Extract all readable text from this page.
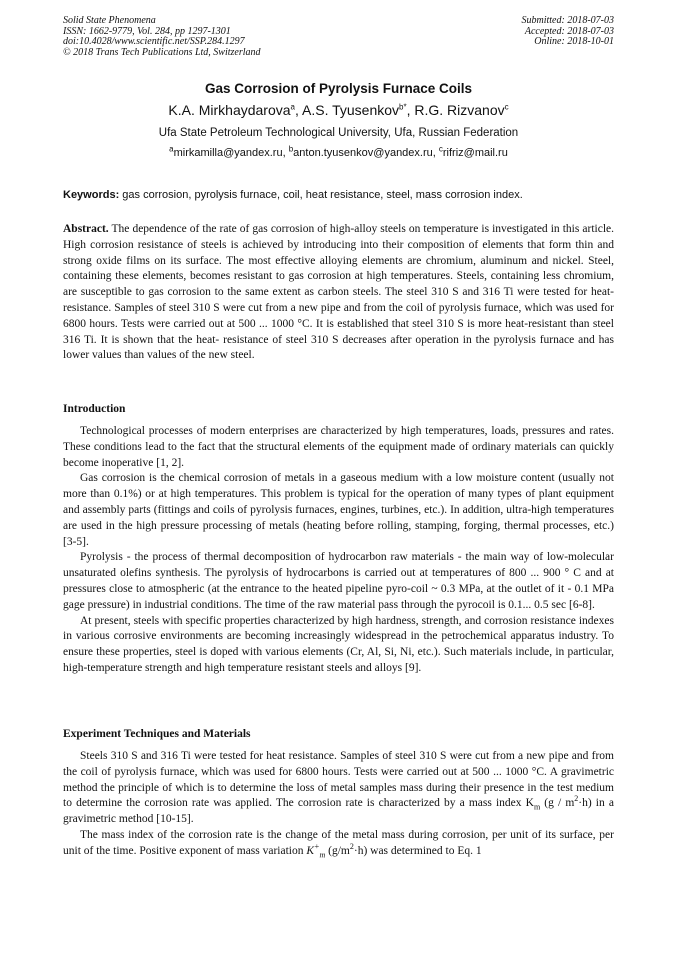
Solid State Phenomena
ISSN: 1662-9779, Vol. 284, pp 1297-1301
doi:10.4028/www.scientific.net/SSP.284.1297
© 2018 Trans Tech Publications Ltd, Switzerland
Submitted: 2018-07-03
Accepted: 2018-07-03
Online: 2018-10-01
Gas Corrosion of Pyrolysis Furnace Coils
K.A. Mirkhaydarova$^a$, A.S. Tyusenkov$^{b*}$, R.G. Rizvanov$^c$
Ufa State Petroleum Technological University, Ufa, Russian Federation
$^a$mirkamilla@yandex.ru, $^b$anton.tyusenkov@yandex.ru, $^c$rifriz@mail.ru
Keywords: gas corrosion, pyrolysis furnace, coil, heat resistance, steel, mass corrosion index.

Abstract. The dependence of the rate of gas corrosion of high-alloy steels on temperature is investigated in this article. High corrosion resistance of steels is achieved by introducing into their composition of elements that form thin and strong oxide films on its surface. The most effective alloying elements are chromium, aluminum and nickel. Steel, containing these elements, becomes resistant to gas corrosion at high temperatures. Steels, containing less chromium, are susceptible to gas corrosion to the same extent as carbon steels. The steel 310 S and 316 Ti were tested for heat-resistance. Samples of steel 310 S were cut from a new pipe and from the coil of pyrolysis furnace, which was used for 6800 hours. Tests were carried out at 500 ... 1000 °C. It is established that steel 310 S is more heat-resistant than steel 316 Ti. It is shown that the heat- resistance of steel 310 S decreases after operation in the pyrolysis furnace and has lower values than values of the new steel.

Introduction

Technological processes of modern enterprises are characterized by high temperatures, loads, pressures and rates. These conditions lead to the fact that the structural elements of the equipment made of ordinary materials can quickly become inoperative [1, 2].

Gas corrosion is the chemical corrosion of metals in a gaseous medium with a low moisture content (usually not more than 0.1%) or at high temperatures. This problem is typical for the operation of many types of plant equipment and assembly parts (fittings and coils of pyrolysis furnaces, engines, turbines, etc.). In addition, ultra-high temperatures are used in the high pressure processing of metals (heating before rolling, stamping, forging, thermal processes, etc.) [3-5].

Pyrolysis - the process of thermal decomposition of hydrocarbon raw materials - the main way of low-molecular unsaturated olefins synthesis. The pyrolysis of hydrocarbons is carried out at temperatures of 800 ... 900 ° C and at pressures close to atmospheric (at the entrance to the heated pipeline pyro-coil ~ 0.3 MPa, at the outlet of it - 0.1 MPa gage pressure) in industrial conditions. The time of the raw material pass through the pyrocoil is 0.1... 0.5 sec [6-8].

At present, steels with specific properties characterized by high hardness, strength, and corrosion resistance indexes in various corrosive environments are becoming increasingly widespread in the petrochemical apparatus industry. To ensure these properties, steel is doped with various elements (Cr, Al, Si, Ni, etc.). Such materials include, in particular, high-temperature strength and high temperature resistant steels and alloys [9].

Experiment Techniques and Materials

Steels 310 S and 316 Ti were tested for heat resistance. Samples of steel 310 S were cut from a new pipe and from the coil of pyrolysis furnace, which was used for 6800 hours. Tests were carried out at 500 ... 1000 °C. A gravimetric method the principle of which is to determine the loss of metal samples mass during their presence in the test medium to determine the corrosion rate was applied. The corrosion rate is characterized by a mass index $K_m$ $(g / m^2\cdot h)$ in a gravimetric method [10-15].

The mass index of the corrosion rate is the change of the metal mass during corrosion, per unit of its surface, per unit of the time. Positive exponent of mass variation $K^+_m$ $(g/m^2\cdot h)$ was determined to Eq. 1
